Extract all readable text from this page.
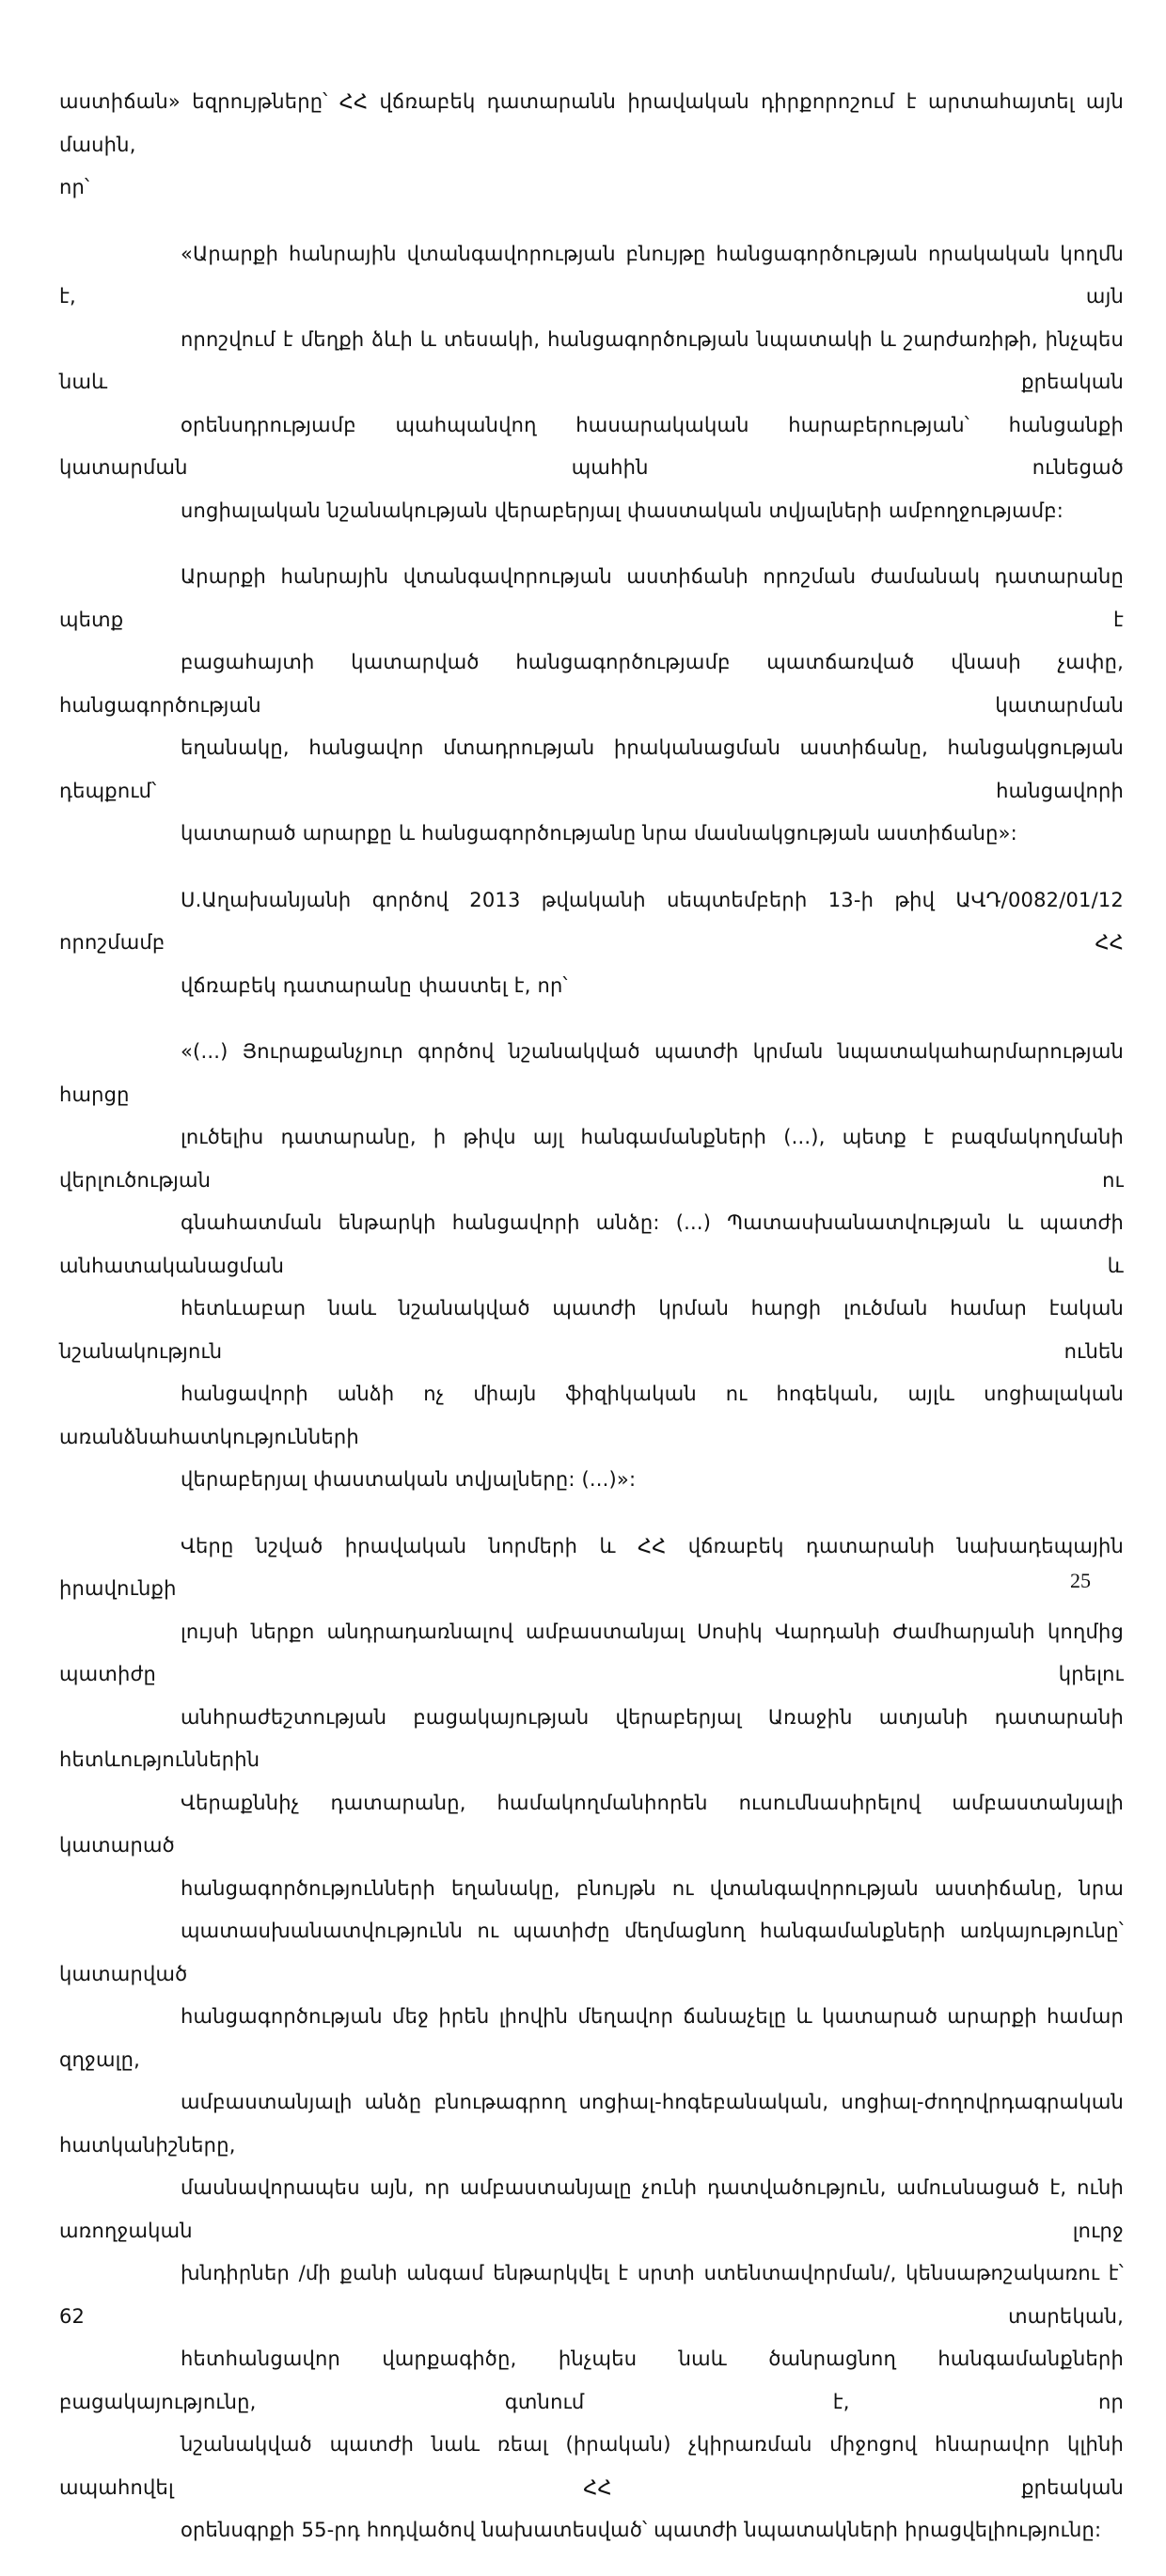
աստիճան» եզրույթները՝ ՀՀ վճռաբեկ դատարանն իրավական դիրքորոշում է արտահայտել այն մասին,
որ՝
«Արարքի հանրային վտանգավորության բնույթը հանցագործության որակական կողմն է, այն
որոշվում է մեղքի ձևի և տեսակի, հանցագործության նպատակի և շարժառիթի, ինչպես նաև քրեական
օրենսդրությամբ պահպանվող հասարակական հարաբերության՝ հանցանքի կատարման պահին ունեցած
սոցիալական նշանակության վերաբերյալ փաստական տվյալների ամբողջությամբ:
Արարքի հանրային վտանգավորության աստիճանի որոշման ժամանակ դատարանը պետք է
բացահայտի կատարված հանցագործությամբ պատճառված վնասի չափը, հանցագործության կատարման
եղանակը, հանցավոր մտադրության իրականացման աստիճանը, հանցակցության դեպքում՝ հանցավորի
կատարած արարքը և հանցագործությանը նրա մասնակցության աստիճանը»:
Ս.Աղախանյանի գործով 2013 թվականի սեպտեմբերի 13-ի թիվ ԱՎԴ/0082/01/12 որոշմամբ ՀՀ
վճռաբեկ դատարանը փաստել է, որ՝
«(...) Յուրաքանչյուր գործով նշանակված պատժի կրման նպատակահարմարության հարցը
լուծելիս դատարանը, ի թիվս այլ հանգամանքների (...), պետք է բազմակողմանի վերլուծության ու
գնահատման ենթարկի հանցավորի անձը: (...) Պատասխանատվության և պատժի անհատականացման և
հետևաբար նաև նշանակված պատժի կրման հարցի լուծման համար էական նշանակություն ունեն
հանցավորի անձի ոչ միայն ֆիզիկական ու հոգեկան, այլև սոցիալական առանձնահատկությունների
վերաբերյալ փաստական տվյալները: (...)»:
Վերը նշված իրավական նորմերի և ՀՀ վճռաբեկ դատարանի նախադեպային իրավունքի
լույսի ներքո անդրադառնալով ամբաստանյալ Սոսիկ Վարդանի Ժամհարյանի կողմից պատիժը կրելու
անհրաժեշտության բացակայության վերաբերյալ Առաջին ատյանի դատարանի հետևություններին
Վերաքննիչ դատարանը, համակողմանիորեն ուսումնասիրելով ամբաստանյալի կատարած
հանցագործությունների եղանակը, բնույթն ու վտանգավորության աստիճանը, նրա
պատասխանատվությունն ու պատիժը մեղմացնող հանգամանքների առկայությունը՝ կատարված
հանցագործության մեջ իրեն լիովին մեղավոր ճանաչելը և կատարած արարքի համար զղջալը,
ամբաստանյալի անձը բնութագրող սոցիալ-հոգեբանական, սոցիալ-ժողովրդագրական հատկանիշները,
մասնավորապես այն, որ ամբաստանյալը չունի դատվածություն, ամուսնացած է, ունի առողջական լուրջ
խնդիրներ /մի քանի անգամ ենթարկվել է սրտի ստենտավորման/, կենսաթոշակառու է՝ 62 տարեկան,
հետհանցավոր վարքագիծը, ինչպես նաև ծանրացնող հանգամանքների բացակայությունը, գտնում է, որ
նշանակված պատժի նաև ռեալ (իրական) չկիրառման միջոցով հնարավոր կլինի ապահովել ՀՀ քրեական
օրենսգրքի 55-րդ հոդվածով նախատեսված՝ պատժի նպատակների իրացվելիությունը:
25
